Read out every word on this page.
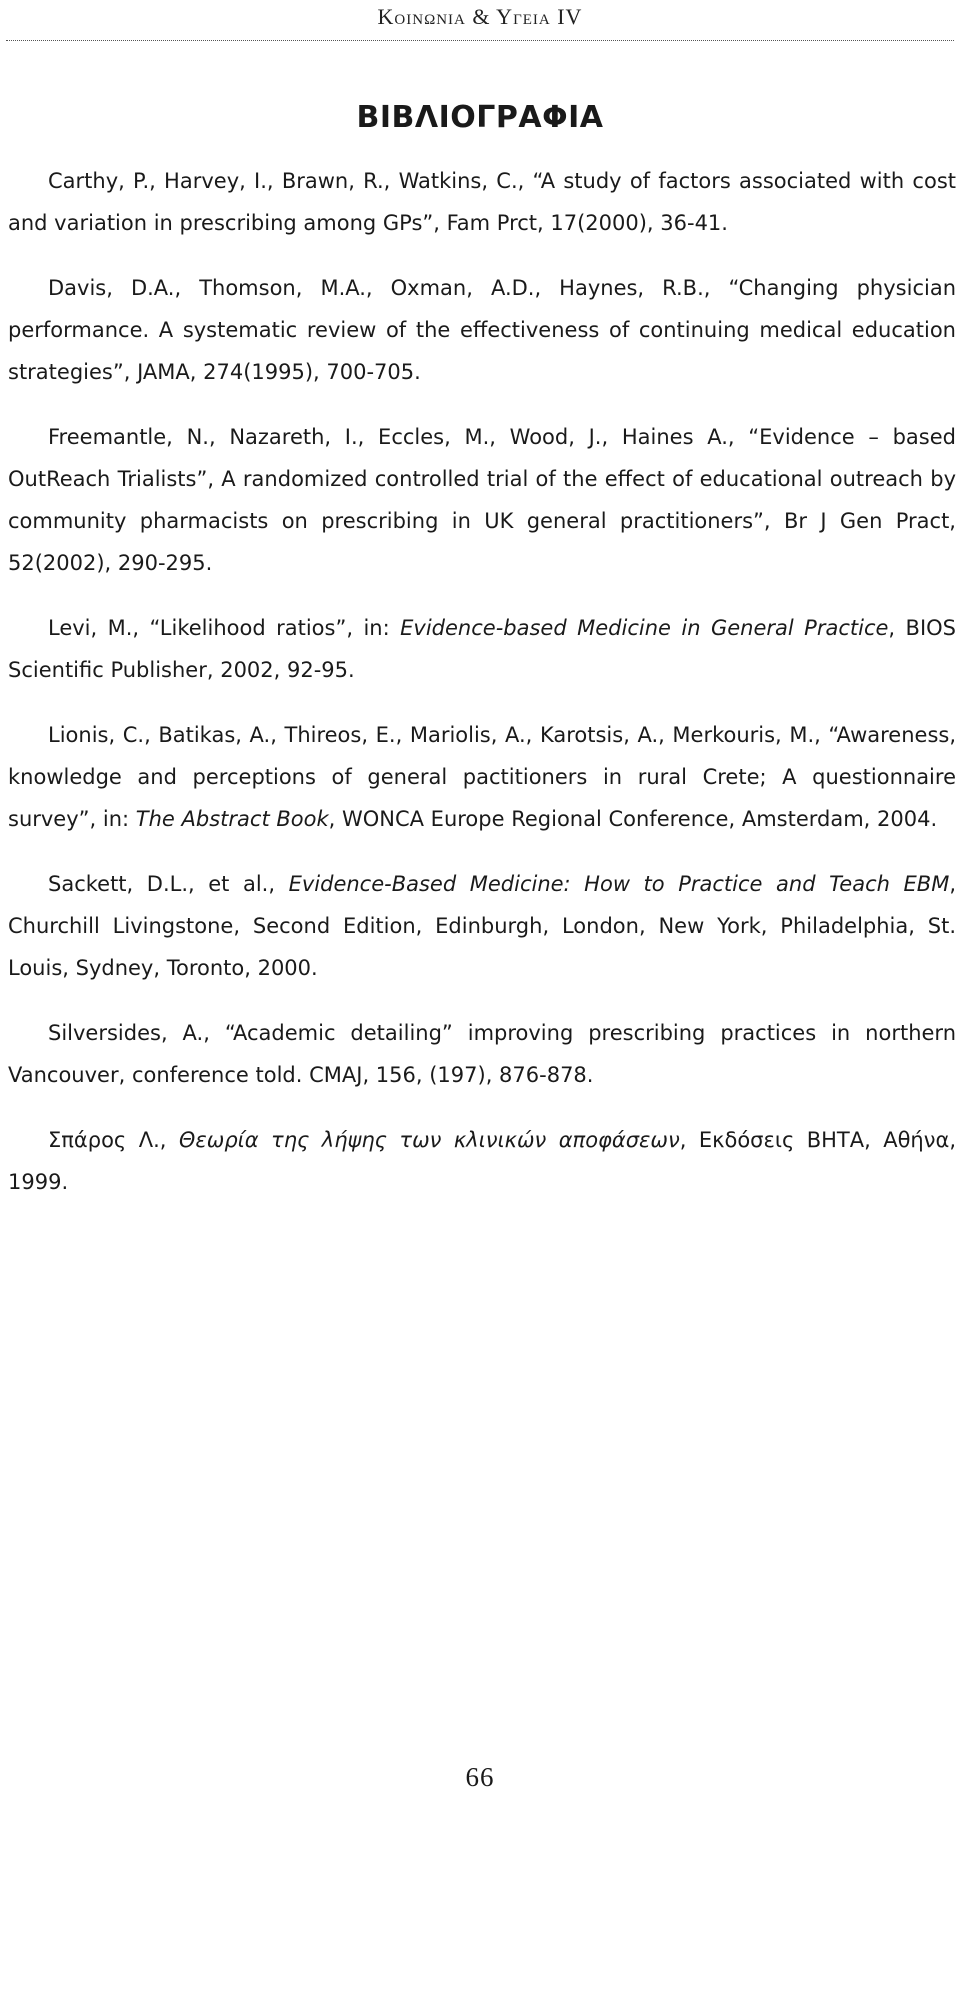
Κοινωνια & Υγεια IV
ΒΙΒΛΙΟΓΡΑΦΙΑ

Carthy, P., Harvey, I., Brawn, R., Watkins, C., “A study of factors associated with cost and variation in prescribing among GPs”, Fam Prct, 17(2000), 36-41.

Davis, D.A., Thomson, M.A., Oxman, A.D., Haynes, R.B., “Changing physician performance. A systematic review of the effectiveness of continuing medical education strategies”, JAMA, 274(1995), 700-705.

Freemantle, N., Nazareth, I., Eccles, M., Wood, J., Haines A., “Evidence – based OutReach Trialists”, A randomized controlled trial of the effect of educational outreach by community pharmacists on prescribing in UK general practitioners”, Br J Gen Pract, 52(2002), 290-295.

Levi, M., “Likelihood ratios”, in: Evidence-based Medicine in General Practice, BIOS Scientific Publisher, 2002, 92-95.

Lionis, C., Batikas, A., Thireos, E., Mariolis, A., Karotsis, A., Merkouris, M., “Awareness, knowledge and perceptions of general pactitioners in rural Crete; A questionnaire survey”, in: The Abstract Book, WONCA Europe Regional Conference, Amsterdam, 2004.

Sackett, D.L., et al., Evidence-Based Medicine: How to Practice and Teach EBM, Churchill Livingstone, Second Edition, Edinburgh, London, New York, Philadelphia, St. Louis, Sydney, Toronto, 2000.

Silversides, A., “Academic detailing” improving prescribing practices in northern Vancouver, conference told. CMAJ, 156, (197), 876-878.

Σπάρος Λ., Θεωρία της λήψης των κλινικών αποφάσεων, Εκδόσεις ΒΗΤΑ, Αθήνα, 1999.

66
